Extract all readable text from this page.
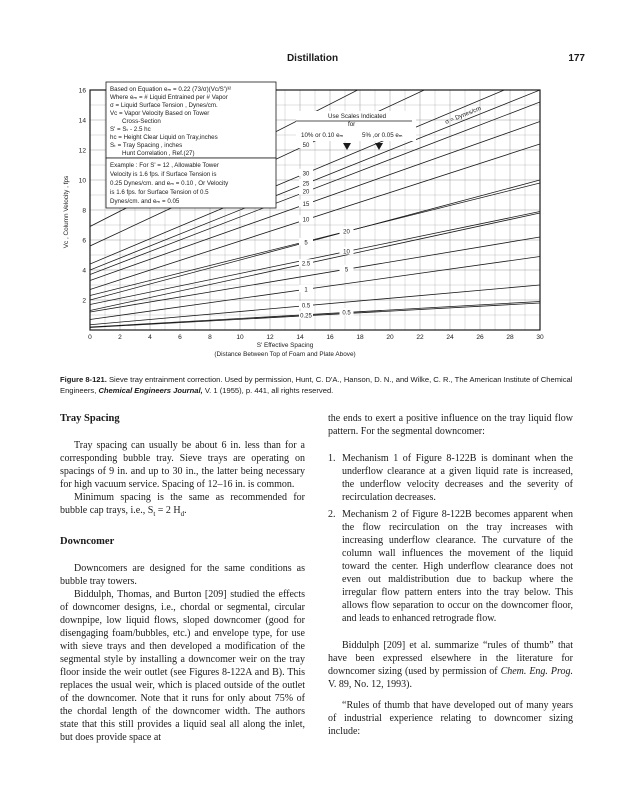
Distillation	177
0	2	4	6	8	10	12	14	16	18	20	22	24	26	28	30
2
4
6
8
10
12
14
16
0.25
0.5
1
2.5
5
10
15
20
25
30
50
0.5
5
10
20
Based on Equation eₘ = 0.22 (73/σ)(Vc/S')³²
Where eₘ = # Liquid Entrained per # Vapor
σ = Liquid Surface Tension , Dynes/cm.
Vc = Vapor Velocity Based on Tower
Cross-Section
S' = Sₜ - 2.5 hc
hc = Height Clear Liquid on Tray,inches
Sₜ = Tray Spacing , inches
Hunt Correlation , Ref.(27)
Example : For S' = 12 , Allowable Tower
Velocity is 1.6 fps. if Surface Tension is
0.25 Dynes/cm. and eₘ = 0.10 , Or Velocity
is 1.6 fps. for Surface Tension of 0.5
Dynes/cm. and eₘ = 0.05
Use Scales Indicated
for
10% or 0.10 eₘ	5% ,or 0.05 eₘ
σ = Dynes/cm
S' Effective Spacing
(Distance Between Top of Foam and Plate Above)
Vc , Column Velocity , fps
Figure 8-121. Sieve tray entrainment correction. Used by permission, Hunt, C. D'A., Hanson, D. N., and Wilke, C. R., The American Institute of Chemical Engineers, Chemical Engineers Journal, V. 1 (1955), p. 441, all rights reserved.
Tray Spacing

Tray spacing can usually be about 6 in. less than for a corresponding bubble tray. Sieve trays are operating on spacings of 9 in. and up to 30 in., the latter being necessary for high vacuum service. Spacing of 12–16 in. is common.

Minimum spacing is the same as recommended for bubble cap trays, i.e., $S_t = 2$ $H_d$.

Downcomer

Downcomers are designed for the same conditions as bubble tray towers.

Biddulph, Thomas, and Burton [209] studied the effects of downcomer designs, i.e., chordal or segmental, circular downpipe, low liquid flows, sloped downcomer (good for disengaging foam/bubbles, etc.) and envelope type, for use with sieve trays and then developed a modification of the segmental style by installing a downcomer weir on the tray floor inside the weir outlet (see Figures 8-122A and B). This replaces the usual weir, which is placed outside of the outlet of the downcomer. Note that it runs for only about 75% of the chordal length of the downcomer width. The authors state that this still provides a liquid seal all along the inlet, but does provide space at

the ends to exert a positive influence on the tray liquid flow pattern. For the segmental downcomer:

1. Mechanism 1 of Figure 8-122B is dominant when the underflow clearance at a given liquid rate is increased, the underflow velocity decreases and the severity of recirculation decreases.
2. Mechanism 2 of Figure 8-122B becomes apparent when the flow recirculation on the tray increases with increasing underflow clearance. The curvature of the column wall influences the movement of the liquid toward the center. High underflow clearance does not even out maldistribution due to backup where the irregular flow pattern enters into the tray below. This allows flow separation to occur on the downcomer floor, and leads to enhanced retrograde flow.

Biddulph [209] et al. summarize “rules of thumb” that have been expressed elsewhere in the literature for downcomer sizing (used by permission of Chem. Eng. Prog. V. 89, No. 12, 1993).

“Rules of thumb that have developed out of many years of industrial experience relating to downcomer sizing include:
